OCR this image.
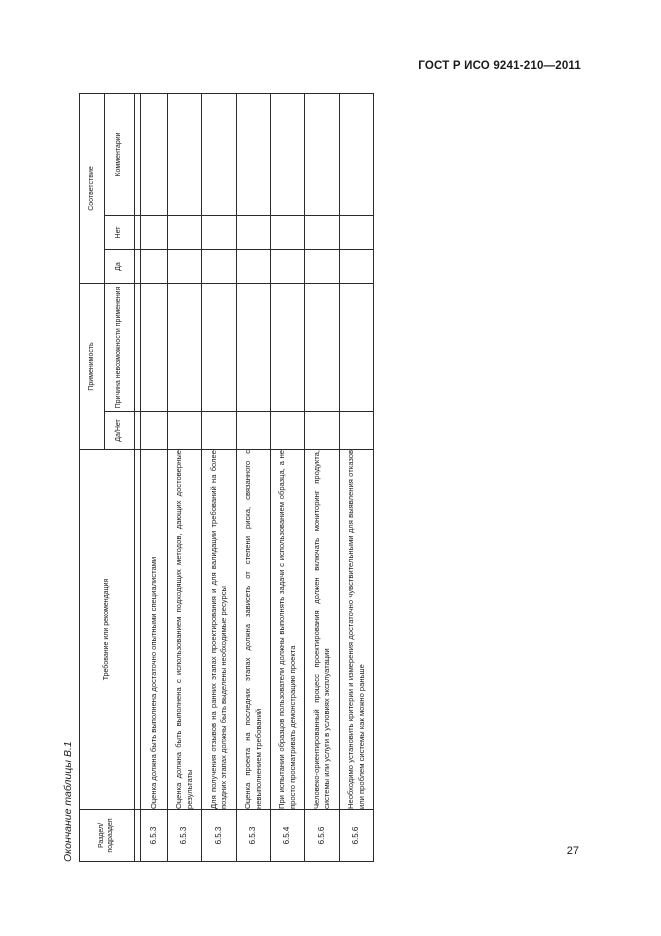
ГОСТ Р ИСО 9241-210—2011
Окончание таблицы В.1	Раздел/ подраздел	Требование или рекомендация	Применимость		Соответствие		
		Да/Нет	Причина невозможности применения	Да	Нет	Комментарии

6.5.3	Оценка должна быть выполнена достаточно опытными специалистами					
6.5.3	Оценка должна быть выполнена с использованием подходящих методов, дающих достоверные результаты					
6.5.3	Для получения отзывов на ранних этапах проектирования и для валидации требований на более поздних этапах должны быть выделены необходимые ресурсы					
6.5.3	Оценка проекта на последних этапах должна зависеть от степени риска, связанного с невыполнением требований					
6.5.4	При испытании образцов пользователи должны выполнять задачи с использованием образца, а не просто просматривать демонстрацию проекта					
6.5.6	Человеко-ориентированный процесс проектирования должен включать мониторинг продукта, системы или услуги в условиях эксплуатации					
6.5.6	Необходимо установить критерии и измерения достаточно чувствительными для выявления отказов или проблем системы как можно раньше					
27
